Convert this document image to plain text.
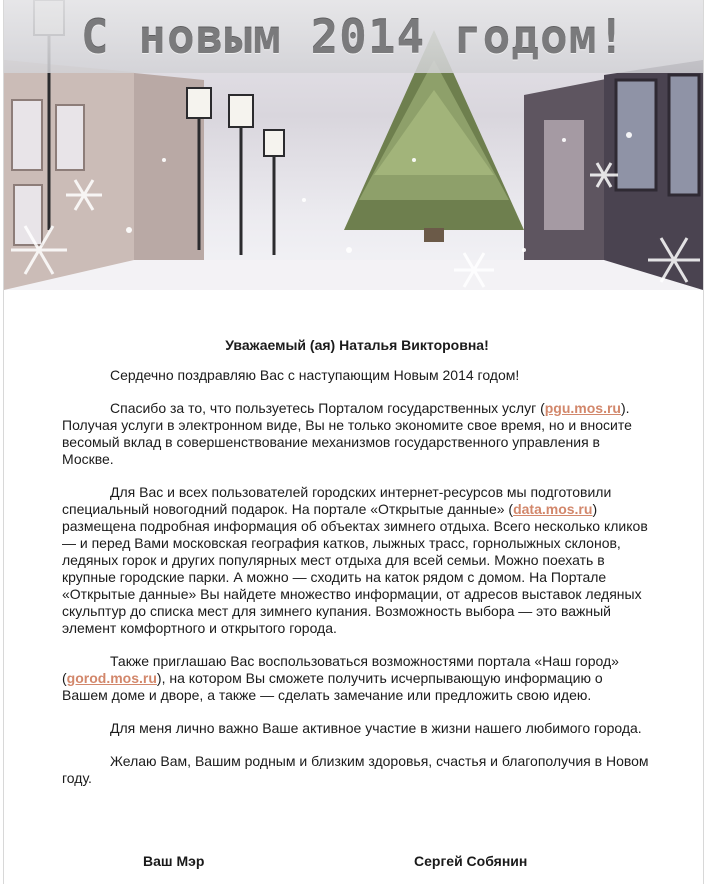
С новым 2014 годом!

Уважаемый (ая) Наталья Викторовна!

Сердечно поздравляю Вас с наступающим Новым 2014 годом!

Спасибо за то, что пользуетесь Порталом государственных услуг (pgu.mos.ru). Получая услуги в электронном виде, Вы не только экономите свое время, но и вносите весомый вклад в совершенствование механизмов государственного управления в Москве.

Для Вас и всех пользователей городских интернет-ресурсов мы подготовили специальный новогодний подарок. На портале «Открытые данные» (data.mos.ru) размещена подробная информация об объектах зимнего отдыха. Всего несколько кликов — и перед Вами московская география катков, лыжных трасс, горнолыжных склонов, ледяных горок и других популярных мест отдыха для всей семьи. Можно поехать в крупные городские парки. А можно — сходить на каток рядом с домом. На Портале «Открытые данные» Вы найдете множество информации, от адресов выставок ледяных скульптур до списка мест для зимнего купания. Возможность выбора — это важный элемент комфортного и открытого города.

Также приглашаю Вас воспользоваться возможностями портала «Наш город» (gorod.mos.ru), на котором Вы сможете получить исчерпывающую информацию о Вашем доме и дворе, а также — сделать замечание или предложить свою идею.

Для меня лично важно Ваше активное участие в жизни нашего любимого города.

Желаю Вам, Вашим родным и близким здоровья, счастья и благополучия в Новом году.

Ваш Мэр	Сергей Собянин
